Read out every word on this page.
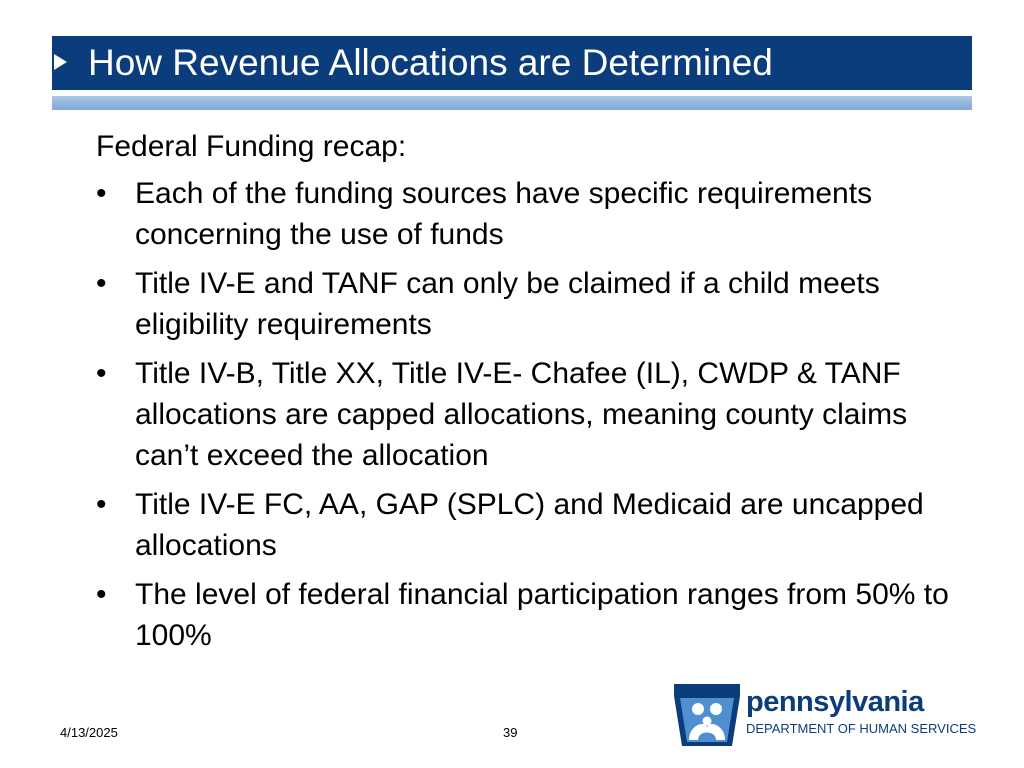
How Revenue Allocations are Determined
Federal Funding recap:
• Each of the funding sources have specific requirements concerning the use of funds
• Title IV-E and TANF can only be claimed if a child meets eligibility requirements
• Title IV-B, Title XX, Title IV-E- Chafee (IL), CWDP & TANF allocations are capped allocations, meaning county claims can’t exceed the allocation
• Title IV-E FC, AA, GAP (SPLC) and Medicaid are uncapped allocations
• The level of federal financial participation ranges from 50% to 100%
4/13/2025	39
pennsylvania
DEPARTMENT OF HUMAN SERVICES
